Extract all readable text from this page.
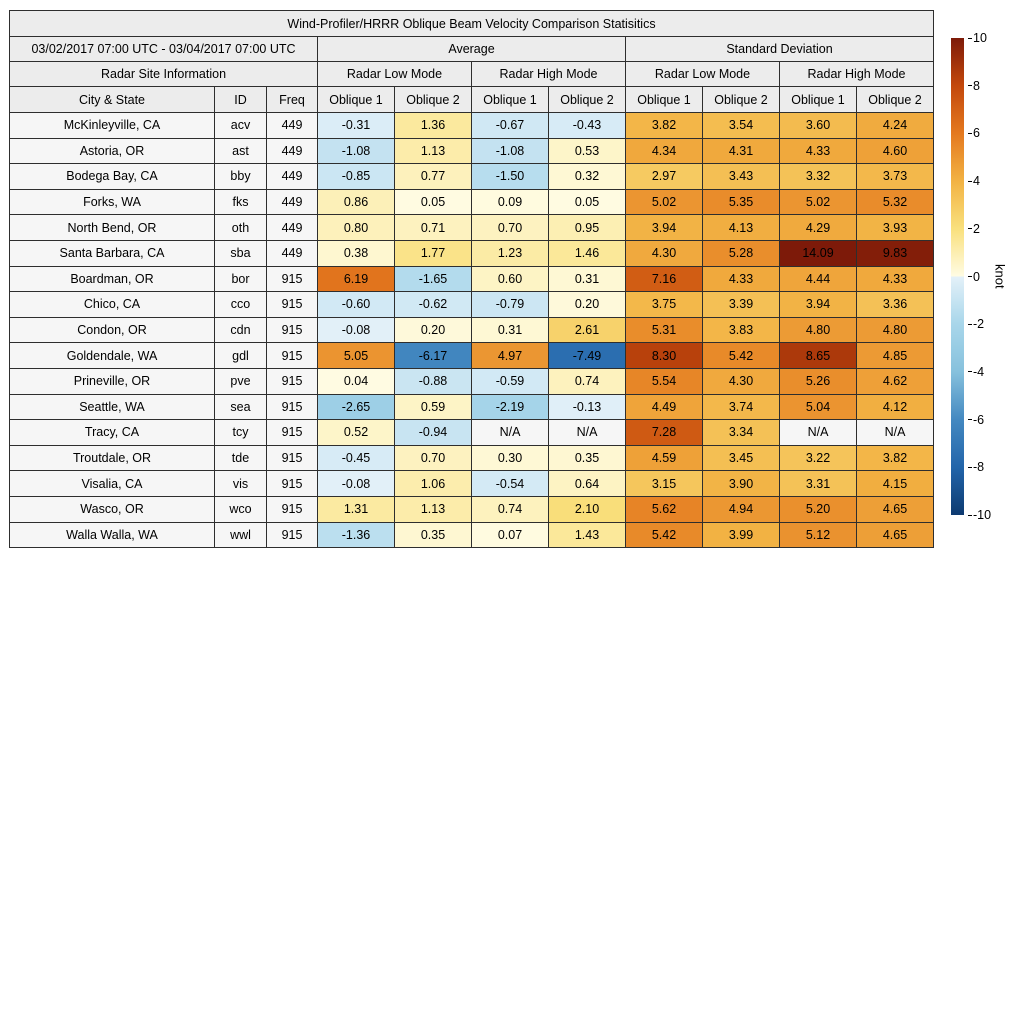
Wind-Profiler/HRRR Oblique Beam Velocity Comparison Statisitics										
03/02/2017 07:00 UTC - 03/04/2017 07:00 UTC			Average				Standard Deviation			
Radar Site Information			Radar Low Mode		Radar High Mode		Radar Low Mode		Radar High Mode	
City & State	ID	Freq	Oblique 1	Oblique 2	Oblique 1	Oblique 2	Oblique 1	Oblique 2	Oblique 1	Oblique 2
McKinleyville, CA	acv	449	-0.31	1.36	-0.67	-0.43	3.82	3.54	3.60	4.24
Astoria, OR	ast	449	-1.08	1.13	-1.08	0.53	4.34	4.31	4.33	4.60
Bodega Bay, CA	bby	449	-0.85	0.77	-1.50	0.32	2.97	3.43	3.32	3.73
Forks, WA	fks	449	0.86	0.05	0.09	0.05	5.02	5.35	5.02	5.32
North Bend, OR	oth	449	0.80	0.71	0.70	0.95	3.94	4.13	4.29	3.93
Santa Barbara, CA	sba	449	0.38	1.77	1.23	1.46	4.30	5.28	14.09	9.83
Boardman, OR	bor	915	6.19	-1.65	0.60	0.31	7.16	4.33	4.44	4.33
Chico, CA	cco	915	-0.60	-0.62	-0.79	0.20	3.75	3.39	3.94	3.36
Condon, OR	cdn	915	-0.08	0.20	0.31	2.61	5.31	3.83	4.80	4.80
Goldendale, WA	gdl	915	5.05	-6.17	4.97	-7.49	8.30	5.42	8.65	4.85
Prineville, OR	pve	915	0.04	-0.88	-0.59	0.74	5.54	4.30	5.26	4.62
Seattle, WA	sea	915	-2.65	0.59	-2.19	-0.13	4.49	3.74	5.04	4.12
Tracy, CA	tcy	915	0.52	-0.94	N/A	N/A	7.28	3.34	N/A	N/A
Troutdale, OR	tde	915	-0.45	0.70	0.30	0.35	4.59	3.45	3.22	3.82
Visalia, CA	vis	915	-0.08	1.06	-0.54	0.64	3.15	3.90	3.31	4.15
Wasco, OR	wco	915	1.31	1.13	0.74	2.10	5.62	4.94	5.20	4.65
Walla Walla, WA	wwl	915	-1.36	0.35	0.07	1.43	5.42	3.99	5.12	4.65
10
8
6
4
2
0
-2
-4
-6
-8
-10
knot
